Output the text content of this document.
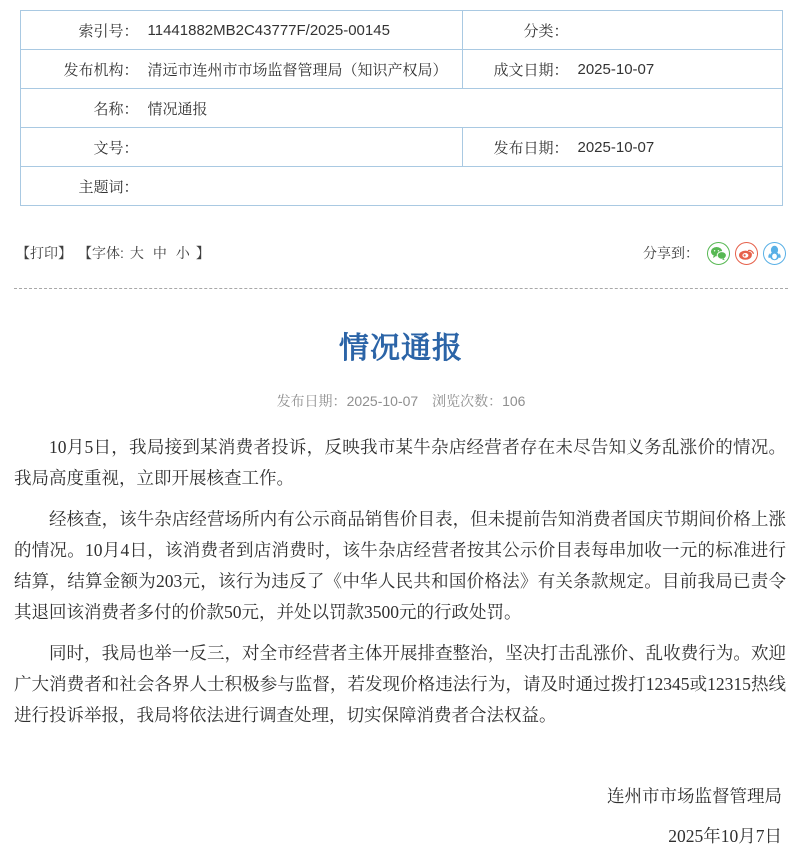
索引号： 11441882MB2C43777F/2025-00145	分类：

发布机构： 清远市连州市市场监督管理局（知识产权局）	成文日期： 2025-10-07

名称： 情况通报	

文号：	发布日期： 2025-10-07

主题词：	
【打印】 【字体: 大 中 小 】	分享到：
情况通报
发布日期：2025-10-07 浏览次数：106

10月5日，我局接到某消费者投诉，反映我市某牛杂店经营者存在未尽告知义务乱涨价的情况。我局高度重视，立即开展核查工作。

经核查，该牛杂店经营场所内有公示商品销售价目表，但未提前告知消费者国庆节期间价格上涨的情况。10月4日，该消费者到店消费时，该牛杂店经营者按其公示价目表每串加收一元的标准进行结算，结算金额为203元，该行为违反了《中华人民共和国价格法》有关条款规定。目前我局已责令其退回该消费者多付的价款50元，并处以罚款3500元的行政处罚。

同时，我局也举一反三，对全市经营者主体开展排查整治，坚决打击乱涨价、乱收费行为。欢迎广大消费者和社会各界人士积极参与监督，若发现价格违法行为，请及时通过拨打12345或12315热线进行投诉举报，我局将依法进行调查处理，切实保障消费者合法权益。

连州市市场监督管理局
2025年10月7日
